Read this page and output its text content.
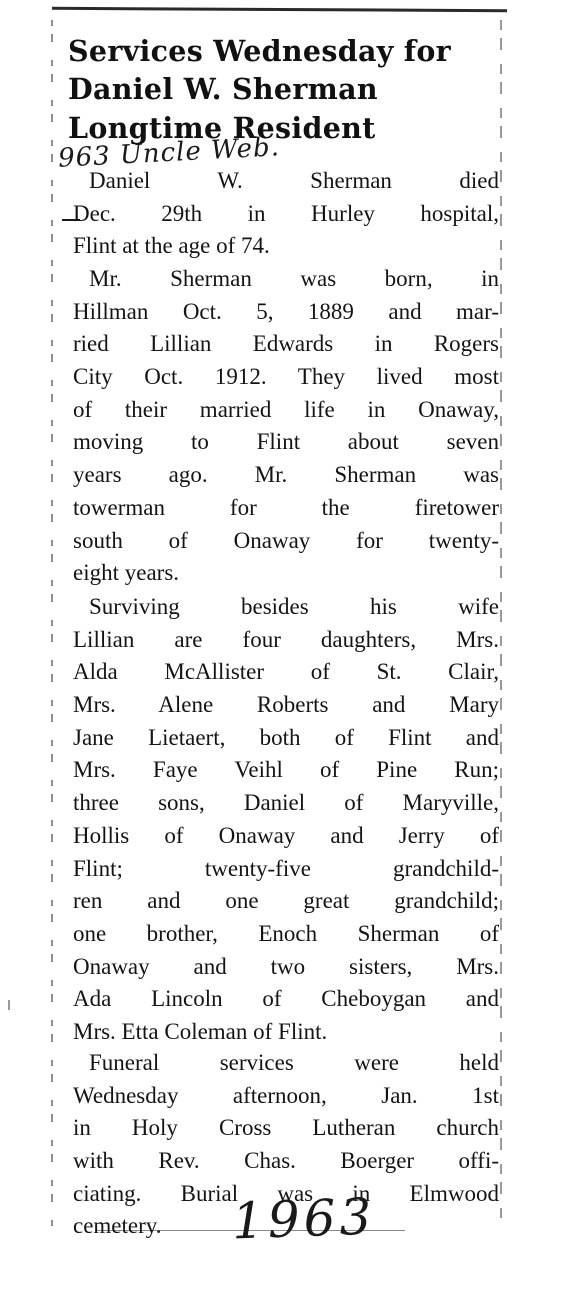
Services Wednesday for
Daniel W. Sherman
Longtime Resident
963 Uncle Web.
Daniel W. Sherman died
Dec. 29th in Hurley hospital,
Flint at the age of 74.
Mr. Sherman was born, in
Hillman Oct. 5, 1889 and mar-
ried Lillian Edwards in Rogers
City Oct. 1912. They lived most
of their married life in Onaway,
moving to Flint about seven
years ago. Mr. Sherman was
towerman for the firetower
south of Onaway for twenty-
eight years.
Surviving besides his wife
Lillian are four daughters, Mrs.
Alda McAllister of St. Clair,
Mrs. Alene Roberts and Mary
Jane Lietaert, both of Flint and
Mrs. Faye Veihl of Pine Run;
three sons, Daniel of Maryville,
Hollis of Onaway and Jerry of
Flint; twenty-five grandchild-
ren and one great grandchild;
one brother, Enoch Sherman of
Onaway and two sisters, Mrs.
Ada Lincoln of Cheboygan and
Mrs. Etta Coleman of Flint.
Funeral services were held
Wednesday afternoon, Jan. 1st
in Holy Cross Lutheran church
with Rev. Chas. Boerger offi-
ciating. Burial was in Elmwood
cemetery.	1963
